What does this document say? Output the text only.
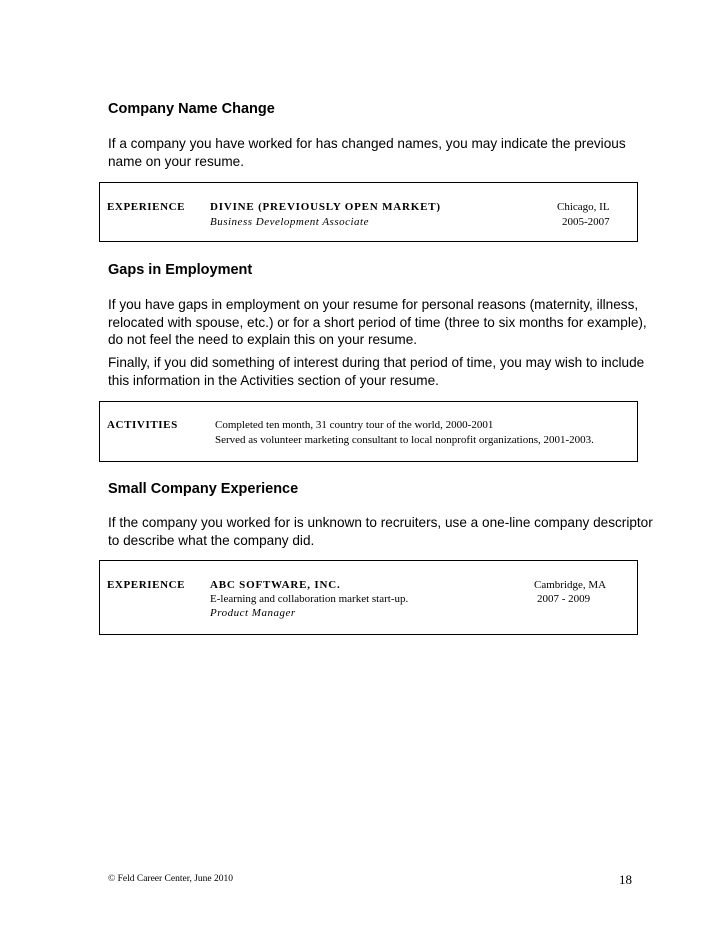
Company Name Change

If a company you have worked for has changed names, you may indicate the previous

name on your resume.

EXPERIENCE DIVINE (PREVIOUSLY OPEN MARKET)
Business Development Associate
Chicago, IL
2005-2007
Gaps in Employment

If you have gaps in employment on your resume for personal reasons (maternity, illness,

relocated with spouse, etc.) or for a short period of time (three to six months for example),

do not feel the need to explain this on your resume.

Finally, if you did something of interest during that period of time, you may wish to include

this information in the Activities section of your resume.

ACTIVITIES	Completed ten month, 31 country tour of the world, 2000-2001
Served as volunteer marketing consultant to local nonprofit organizations, 2001-2003.
Small Company Experience

If the company you worked for is unknown to recruiters, use a one-line company descriptor

to describe what the company did.

EXPERIENCE ABC SOFTWARE, INC.
E-learning and collaboration market start-up.
Product Manager
Cambridge, MA
2007 - 2009
© Feld Career Center, June 2010	18
